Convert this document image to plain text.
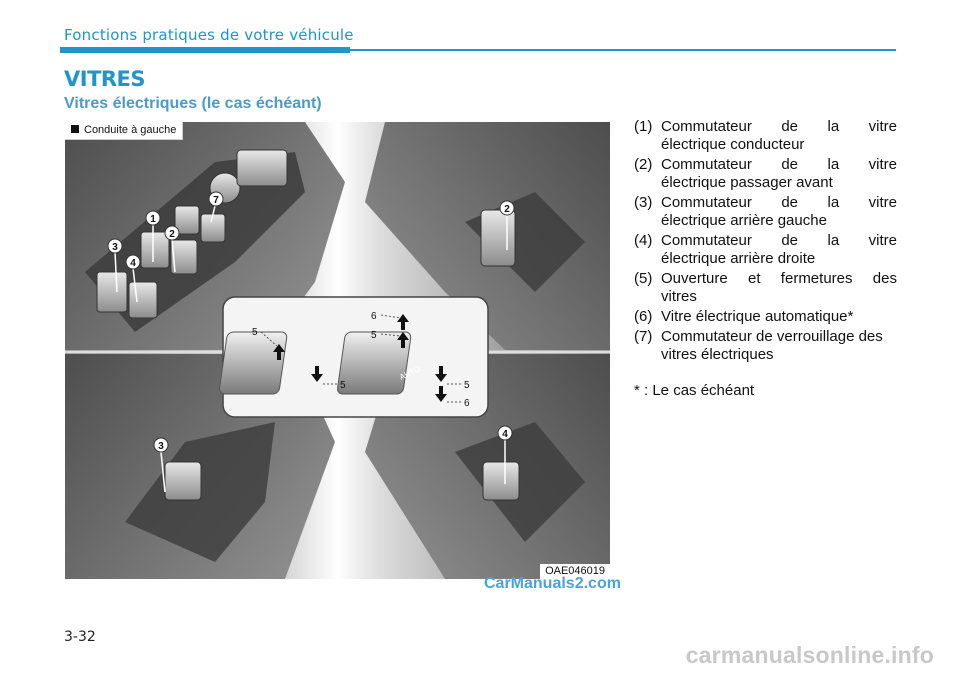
Fonctions pratiques de votre véhicule
VITRES
Vitres électriques (le cas échéant)
1
2
2
3
3
4
4
7
AUTO
5
5
5
5
6
6
Conduite à gauche
OAE046019
(1) Commutateur de la vitre
électrique conducteur
(2) Commutateur de la vitre
électrique passager avant
(3) Commutateur de la vitre
électrique arrière gauche
(4) Commutateur de la vitre
électrique arrière droite
(5) Ouverture et fermetures des
vitres
(6) Vitre électrique automatique*
(7) Commutateur de verrouillage des
vitres électriques
* : Le cas échéant
CarManuals2.com
3-32
carmanualsonline.info
